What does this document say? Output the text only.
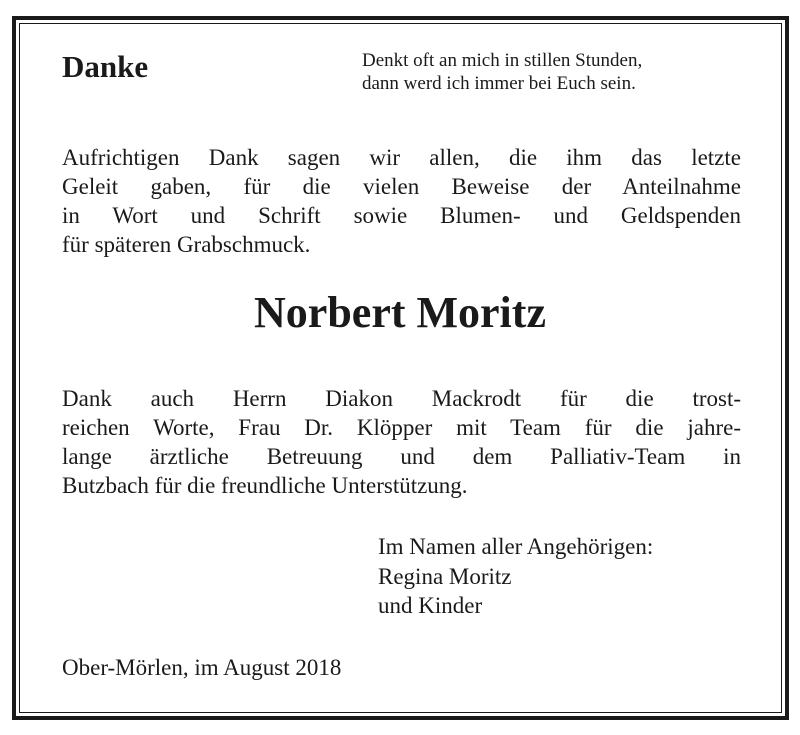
Danke	Denkt oft an mich in stillen Stunden,
dann werd ich immer bei Euch sein.
Aufrichtigen Dank sagen wir allen, die ihm das letzte
Geleit gaben, für die vielen Beweise der Anteilnahme
in Wort und Schrift sowie Blumen- und Geldspenden
für späteren Grabschmuck.
Norbert Moritz
Dank auch Herrn Diakon Mackrodt für die trost-
reichen Worte, Frau Dr. Klöpper mit Team für die jahre-
lange ärztliche Betreuung und dem Palliativ-Team in
Butzbach für die freundliche Unterstützung.
Im Namen aller Angehörigen:
Regina Moritz
und Kinder

Ober-Mörlen, im August 2018
